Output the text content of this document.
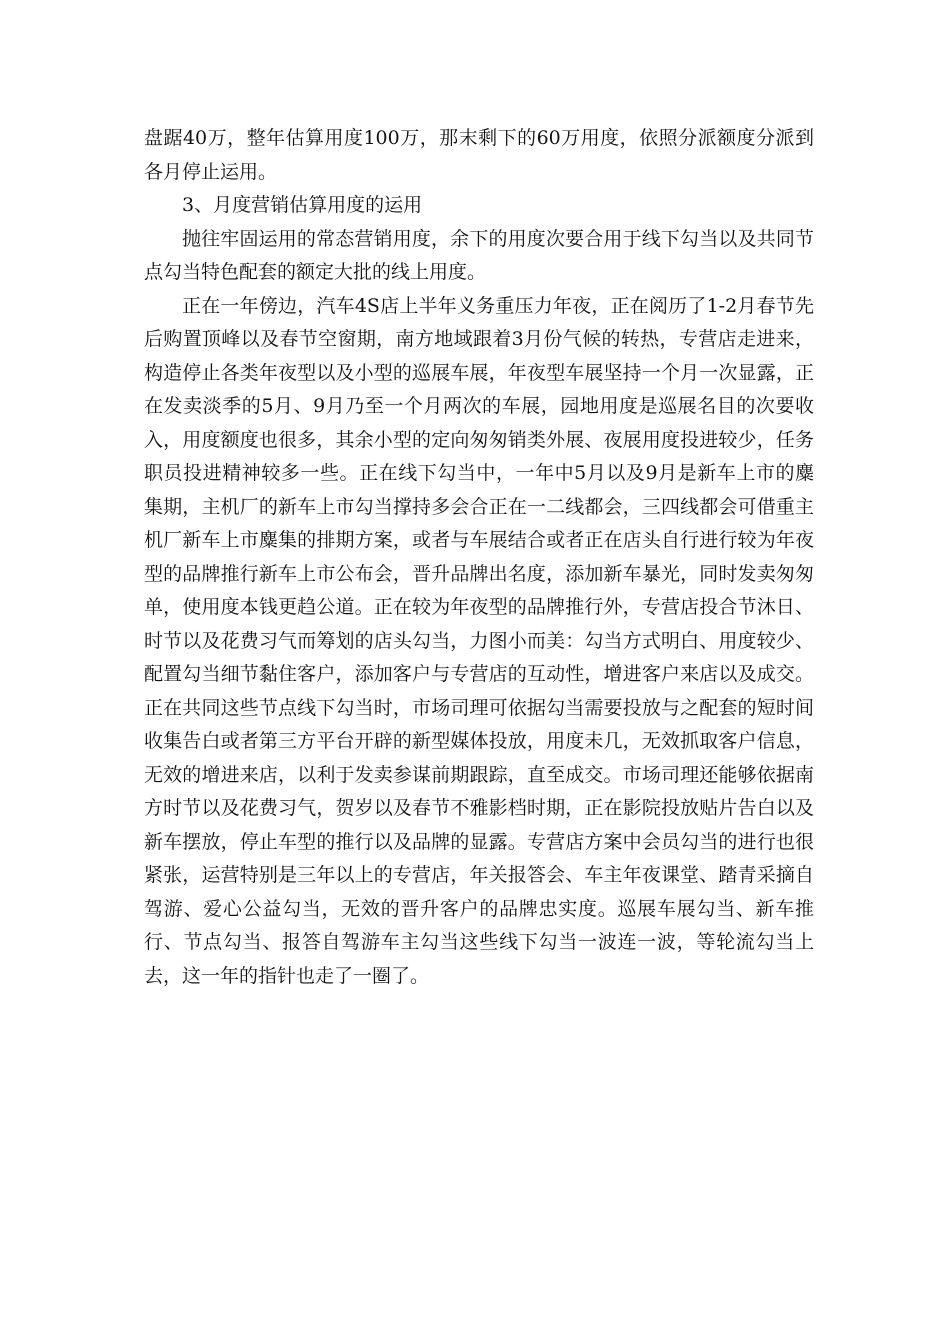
盘踞40万，整年估算用度100万，那末剩下的60万用度，依照分派额度分派到各月停止运用。

3、月度营销估算用度的运用

抛往牢固运用的常态营销用度，余下的用度次要合用于线下勾当以及共同节点勾当特色配套的额定大批的线上用度。

正在一年傍边，汽车4S店上半年义务重压力年夜，正在阅历了1-2月春节先后购置顶峰以及春节空窗期，南方地域跟着3月份气候的转热，专营店走进来，构造停止各类年夜型以及小型的巡展车展，年夜型车展坚持一个月一次显露，正在发卖淡季的5月、9月乃至一个月两次的车展，园地用度是巡展名目的次要收入，用度额度也很多，其余小型的定向匆匆销类外展、夜展用度投进较少，任务职员投进精神较多一些。正在线下勾当中，一年中5月以及9月是新车上市的麋集期，主机厂的新车上市勾当撑持多会合正在一二线都会，三四线都会可借重主机厂新车上市麋集的排期方案，或者与车展结合或者正在店头自行进行较为年夜型的品牌推行新车上市公布会，晋升品牌出名度，添加新车暴光，同时发卖匆匆单，使用度本钱更趋公道。正在较为年夜型的品牌推行外，专营店投合节沐日、时节以及花费习气而筹划的店头勾当，力图小而美：勾当方式明白、用度较少、配置勾当细节黏住客户，添加客户与专营店的互动性，增进客户来店以及成交。正在共同这些节点线下勾当时，市场司理可依据勾当需要投放与之配套的短时间收集告白或者第三方平台开辟的新型媒体投放，用度未几，无效抓取客户信息，无效的增进来店，以利于发卖参谋前期跟踪，直至成交。市场司理还能够依据南方时节以及花费习气，贺岁以及春节不雅影档时期，正在影院投放贴片告白以及新车摆放，停止车型的推行以及品牌的显露。专营店方案中会员勾当的进行也很紧张，运营特别是三年以上的专营店，年关报答会、车主年夜课堂、踏青采摘自驾游、爱心公益勾当，无效的晋升客户的品牌忠实度。巡展车展勾当、新车推行、节点勾当、报答自驾游车主勾当这些线下勾当一波连一波，等轮流勾当上去，这一年的指针也走了一圈了。
